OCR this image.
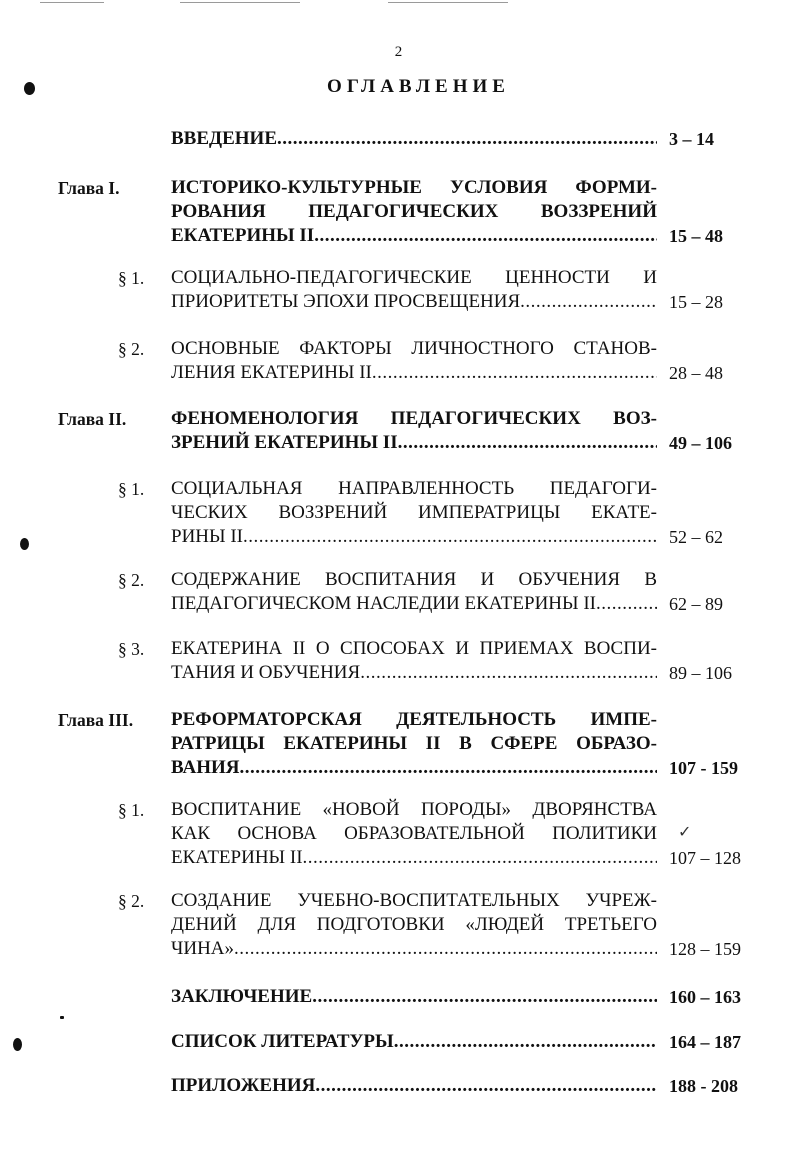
2
ОГЛАВЛЕНИЕ
ВВЕДЕНИЕ .....	3 – 14
Глава I.	ИСТОРИКО-КУЛЬТУРНЫЕ УСЛОВИЯ ФОРМИ-
РОВАНИЯ ПЕДАГОГИЧЕСКИХ ВОЗЗРЕНИЙ
ЕКАТЕРИНЫ II .....	15 – 48
§ 1. СОЦИАЛЬНО-ПЕДАГОГИЧЕСКИЕ ЦЕННОСТИ И
ПРИОРИТЕТЫ ЭПОХИ ПРОСВЕЩЕНИЯ .....	15 – 28
§ 2. ОСНОВНЫЕ ФАКТОРЫ ЛИЧНОСТНОГО СТАНОВ-
ЛЕНИЯ ЕКАТЕРИНЫ II .....	28 – 48
Глава II. ФЕНОМЕНОЛОГИЯ ПЕДАГОГИЧЕСКИХ ВОЗ-
ЗРЕНИЙ ЕКАТЕРИНЫ II .....	49 – 106
§ 1. СОЦИАЛЬНАЯ НАПРАВЛЕННОСТЬ ПЕДАГОГИ-
ЧЕСКИХ ВОЗЗРЕНИЙ ИМПЕРАТРИЦЫ ЕКАТЕ-
РИНЫ II .....	52 – 62
§ 2. СОДЕРЖАНИЕ ВОСПИТАНИЯ И ОБУЧЕНИЯ В
ПЕДАГОГИЧЕСКОМ НАСЛЕДИИ ЕКАТЕРИНЫ II .....	62 – 89
§ 3. ЕКАТЕРИНА II О СПОСОБАХ И ПРИЕМАХ ВОСПИ-
ТАНИЯ И ОБУЧЕНИЯ .....	89 – 106
Глава III. РЕФОРМАТОРСКАЯ ДЕЯТЕЛЬНОСТЬ ИМПЕ-
РАТРИЦЫ ЕКАТЕРИНЫ II В СФЕРЕ ОБРАЗО-
ВАНИЯ .....	107 - 159
§ 1. ВОСПИТАНИЕ «НОВОЙ ПОРОДЫ» ДВОРЯНСТВА
КАК ОСНОВА ОБРАЗОВАТЕЛЬНОЙ ПОЛИТИКИ
ЕКАТЕРИНЫ II .....	107 – 128
§ 2. СОЗДАНИЕ УЧЕБНО-ВОСПИТАТЕЛЬНЫХ УЧРЕЖ-
ДЕНИЙ ДЛЯ ПОДГОТОВКИ «ЛЮДЕЙ ТРЕТЬЕГО
ЧИНА» .....	128 – 159
ЗАКЛЮЧЕНИЕ .....	160 – 163
СПИСОК ЛИТЕРАТУРЫ .....	164 – 187
ПРИЛОЖЕНИЯ .....	188 - 208
✓
